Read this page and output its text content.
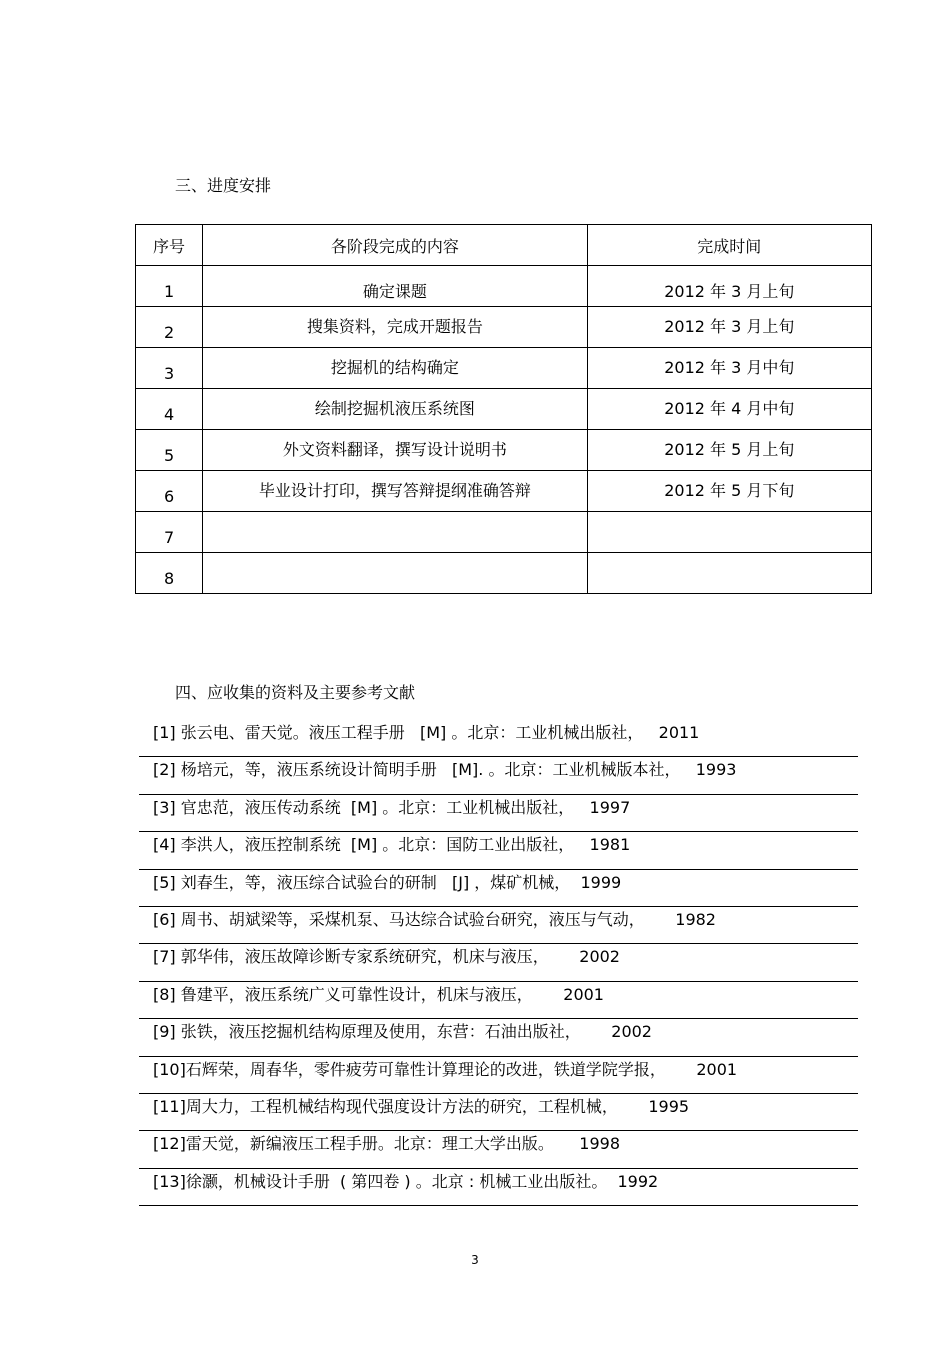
三、进度安排
序号	各阶段完成的内容	完成时间

1	确定课题	2012 年 3 月上旬

2	搜集资料，完成开题报告	2012 年 3 月上旬

3	挖掘机的结构确定	2012 年 3 月中旬

4	绘制挖掘机液压系统图	2012 年 4 月中旬

5	外文资料翻译，撰写设计说明书	2012 年 5 月上旬

6	毕业设计打印，撰写答辩提纲准确答辩	2012 年 5 月下旬

7		

8		

四、应收集的资料及主要参考文献
[1] 张云电、雷天觉。液压工程手册   [M] 。北京：工业机械出版社，   2011
[2] 杨培元，等，液压系统设计简明手册   [M]. 。北京：工业机械版本社，   1993
[3] 官忠范，液压传动系统  [M] 。北京：工业机械出版社，   1997
[4] 李洪人，液压控制系统  [M] 。北京：国防工业出版社，   1981
[5] 刘春生，等，液压综合试验台的研制   [J] ，煤矿机械，  1999
[6] 周书、胡斌梁等，采煤机泵、马达综合试验台研究，液压与气动，      1982
[7] 郭华伟，液压故障诊断专家系统研究，机床与液压，      2002
[8] 鲁建平，液压系统广义可靠性设计，机床与液压，      2001
[9] 张铁，液压挖掘机结构原理及使用，东营：石油出版社，      2002
[10]石辉荣，周春华，零件疲劳可靠性计算理论的改进，铁道学院学报，      2001
[11]周大力，工程机械结构现代强度设计方法的研究，工程机械，      1995
[12]雷天觉，新编液压工程手册。北京：理工大学出版。     1998
[13]徐灏，机械设计手册  ( 第四卷 ) 。北京 : 机械工业出版社。  1992
3
